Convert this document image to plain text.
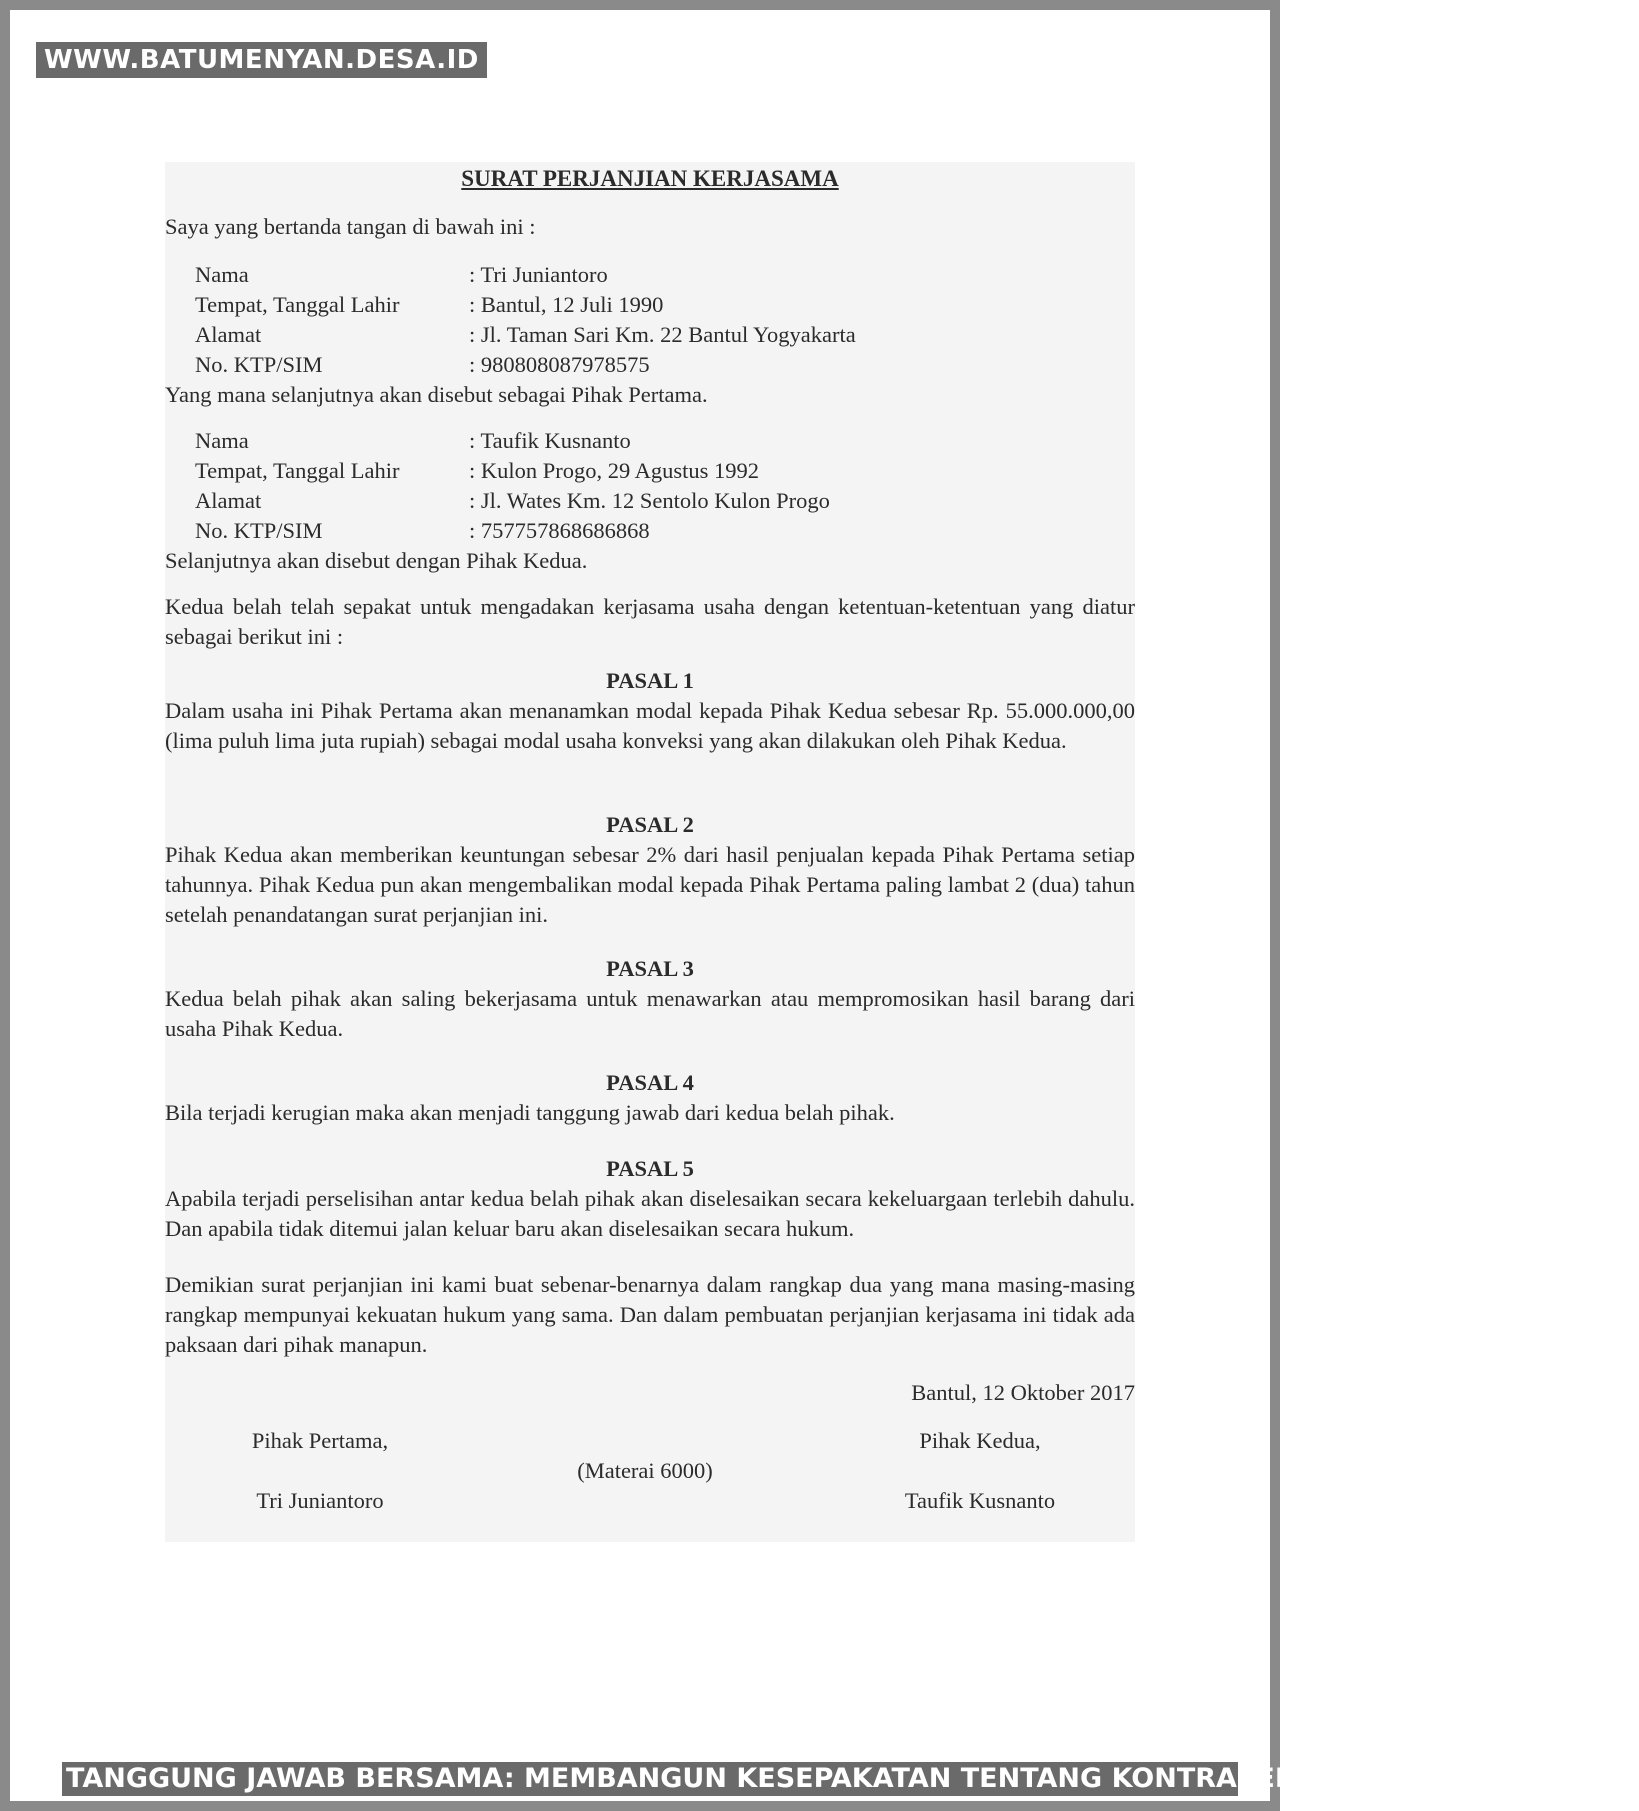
WWW.BATUMENYAN.DESA.ID
SURAT PERJANJIAN KERJASAMA
Saya yang bertanda tangan di bawah ini :
Nama	: Tri Juniantoro
Tempat, Tanggal Lahir	: Bantul, 12 Juli 1990
Alamat	: Jl. Taman Sari Km. 22 Bantul Yogyakarta
No. KTP/SIM	: 980808087978575
Yang mana selanjutnya akan disebut sebagai Pihak Pertama.
Nama	: Taufik Kusnanto
Tempat, Tanggal Lahir	: Kulon Progo, 29 Agustus 1992
Alamat	: Jl. Wates Km. 12 Sentolo Kulon Progo
No. KTP/SIM	: 757757868686868
Selanjutnya akan disebut dengan Pihak Kedua.
Kedua belah telah sepakat untuk mengadakan kerjasama usaha dengan ketentuan-ketentuan yang diatur sebagai berikut ini :
PASAL 1
Dalam usaha ini Pihak Pertama akan menanamkan modal kepada Pihak Kedua sebesar Rp. 55.000.000,00 (lima puluh lima juta rupiah) sebagai modal usaha konveksi yang akan dilakukan oleh Pihak Kedua.
PASAL 2
Pihak Kedua akan memberikan keuntungan sebesar 2% dari hasil penjualan kepada Pihak Pertama setiap tahunnya. Pihak Kedua pun akan mengembalikan modal kepada Pihak Pertama paling lambat 2 (dua) tahun setelah penandatangan surat perjanjian ini.
PASAL 3
Kedua belah pihak akan saling bekerjasama untuk menawarkan atau mempromosikan hasil barang dari usaha Pihak Kedua.
PASAL 4
Bila terjadi kerugian maka akan menjadi tanggung jawab dari kedua belah pihak.
PASAL 5
Apabila terjadi perselisihan antar kedua belah pihak akan diselesaikan secara kekeluargaan terlebih dahulu. Dan apabila tidak ditemui jalan keluar baru akan diselesaikan secara hukum.
Demikian surat perjanjian ini kami buat sebenar-benarnya dalam rangkap dua yang mana masing-masing rangkap mempunyai kekuatan hukum yang sama. Dan dalam pembuatan perjanjian kerjasama ini tidak ada paksaan dari pihak manapun.
Bantul, 12 Oktober 2017
Pihak Pertama,
Tri Juniantoro
(Materai 6000)
Pihak Kedua,
Taufik Kusnanto
TANGGUNG JAWAB BERSAMA: MEMBANGUN KESEPAKATAN TENTANG KONTRASEPSI DENGAN PASANGAN
